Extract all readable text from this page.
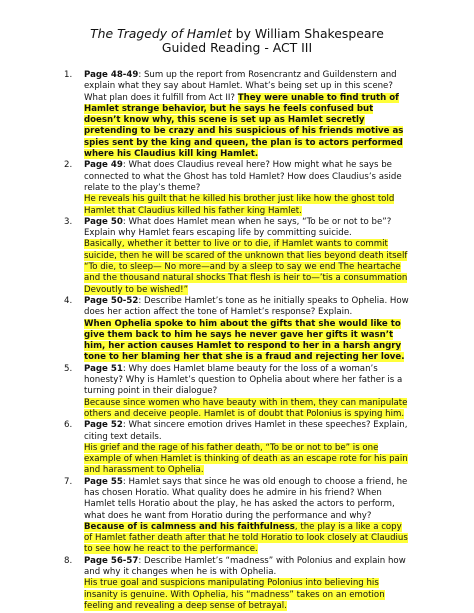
The Tragedy of Hamlet by William Shakespeare

Guided Reading - ACT III

1. Page 48-49: Sum up the report from Rosencrantz and Guildenstern and explain what they say about Hamlet. What’s being set up in this scene? What plan does it fulfill from Act II? They were unable to find truth of Hamlet strange behavior, but he says he feels confused but doesn’t know why, this scene is set up as Hamlet secretly pretending to be crazy and his suspicious of his friends motive as spies sent by the king and queen, the plan is to actors performed where his Claudius kill king Hamlet.
2. Page 49: What does Claudius reveal here? How might what he says be connected to what the Ghost has told Hamlet? How does Claudius’s aside relate to the play’s theme?
He reveals his guilt that he killed his brother just like how the ghost told Hamlet that Claudius killed his father king Hamlet.
3. Page 50: What does Hamlet mean when he says, “To be or not to be”? Explain why Hamlet fears escaping life by committing suicide.
Basically, whether it better to live or to die, if Hamlet wants to commit suicide, then he will be scared of the unknown that lies beyond death itself “To die, to sleep— No more—and by a sleep to say we end The heartache and the thousand natural shocks That flesh is heir to—’tis a consummation Devoutly to be wished!”
4. Page 50-52: Describe Hamlet’s tone as he initially speaks to Ophelia. How does her action affect the tone of Hamlet’s response? Explain.
When Ophelia spoke to him about the gifts that she would like to give them back to him he says he never gave her gifts it wasn’t him, her action causes Hamlet to respond to her in a harsh angry tone to her blaming her that she is a fraud and rejecting her love.
5. Page 51: Why does Hamlet blame beauty for the loss of a woman’s honesty? Why is Hamlet’s question to Ophelia about where her father is a turning point in their dialogue?
Because since women who have beauty with in them, they can manipulate others and deceive people. Hamlet is of doubt that Polonius is spying him.
6. Page 52: What sincere emotion drives Hamlet in these speeches? Explain, citing text details.
His grief and the rage of his father death, “To be or not to be” is one example of when Hamlet is thinking of death as an escape rote for his pain and harassment to Ophelia.
7. Page 55: Hamlet says that since he was old enough to choose a friend, he has chosen Horatio. What quality does he admire in his friend? When Hamlet tells Horatio about the play, he has asked the actors to perform, what does he want from Horatio during the performance and why?
Because of is calmness and his faithfulness, the play is a like a copy of Hamlet father death after that he told Horatio to look closely at Claudius to see how he react to the performance.
8. Page 56-57: Describe Hamlet’s “madness” with Polonius and explain how and why it changes when he is with Ophelia.
His true goal and suspicions manipulating Polonius into believing his insanity is genuine. With Ophelia, his “madness” takes on an emotion feeling and revealing a deep sense of betrayal.
